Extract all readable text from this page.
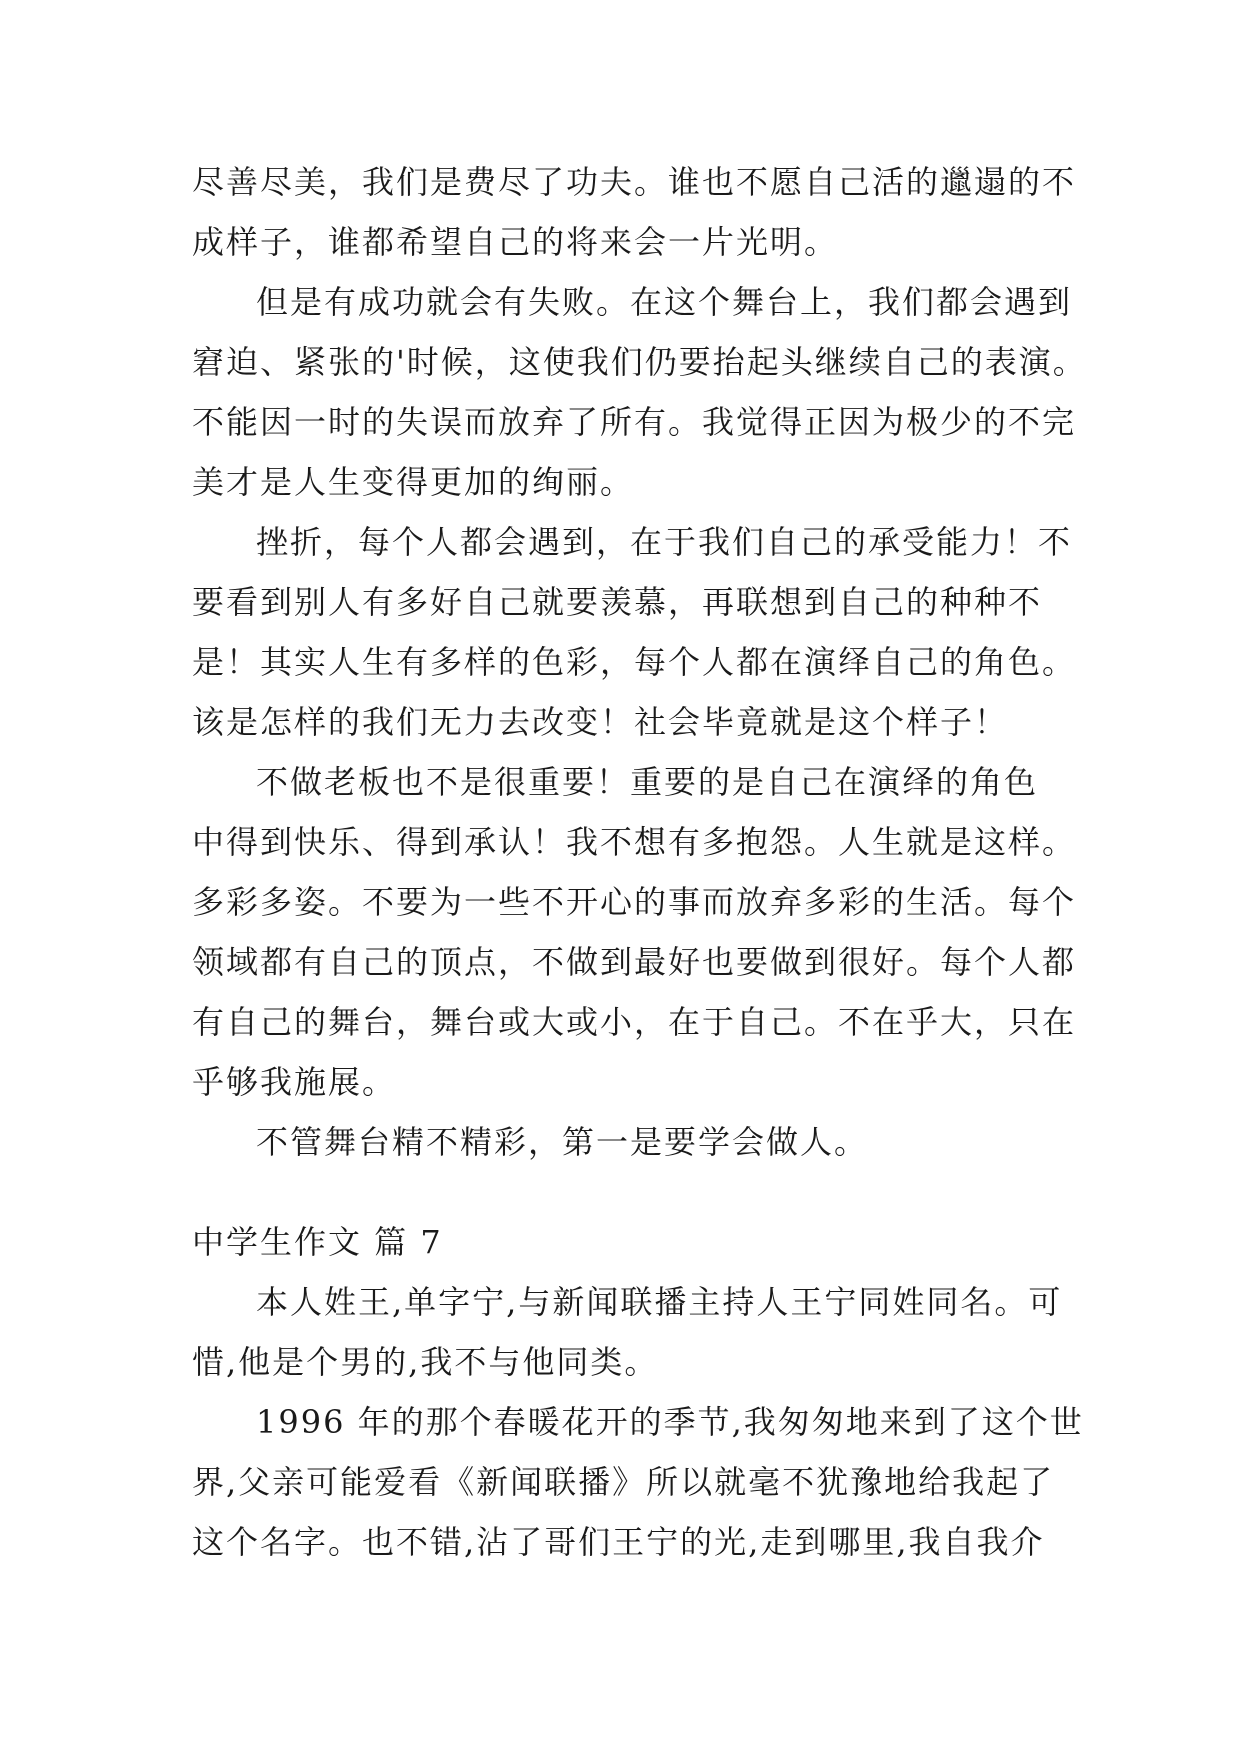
尽善尽美，我们是费尽了功夫。谁也不愿自己活的邋遢的不
成样子，谁都希望自己的将来会一片光明。
但是有成功就会有失败。在这个舞台上，我们都会遇到
窘迫、紧张的'时候，这使我们仍要抬起头继续自己的表演。
不能因一时的失误而放弃了所有。我觉得正因为极少的不完
美才是人生变得更加的绚丽。
挫折，每个人都会遇到，在于我们自己的承受能力！不
要看到别人有多好自己就要羡慕，再联想到自己的种种不
是！其实人生有多样的色彩，每个人都在演绎自己的角色。
该是怎样的我们无力去改变！社会毕竟就是这个样子！
不做老板也不是很重要！重要的是自己在演绎的角色
中得到快乐、得到承认！我不想有多抱怨。人生就是这样。
多彩多姿。不要为一些不开心的事而放弃多彩的生活。每个
领域都有自己的顶点，不做到最好也要做到很好。每个人都
有自己的舞台，舞台或大或小，在于自己。不在乎大，只在
乎够我施展。
不管舞台精不精彩，第一是要学会做人。
中学生作文 篇 7
本人姓王,单字宁,与新闻联播主持人王宁同姓同名。可
惜,他是个男的,我不与他同类。
1996 年的那个春暖花开的季节,我匆匆地来到了这个世
界,父亲可能爱看《新闻联播》所以就毫不犹豫地给我起了
这个名字。也不错,沾了哥们王宁的光,走到哪里,我自我介
